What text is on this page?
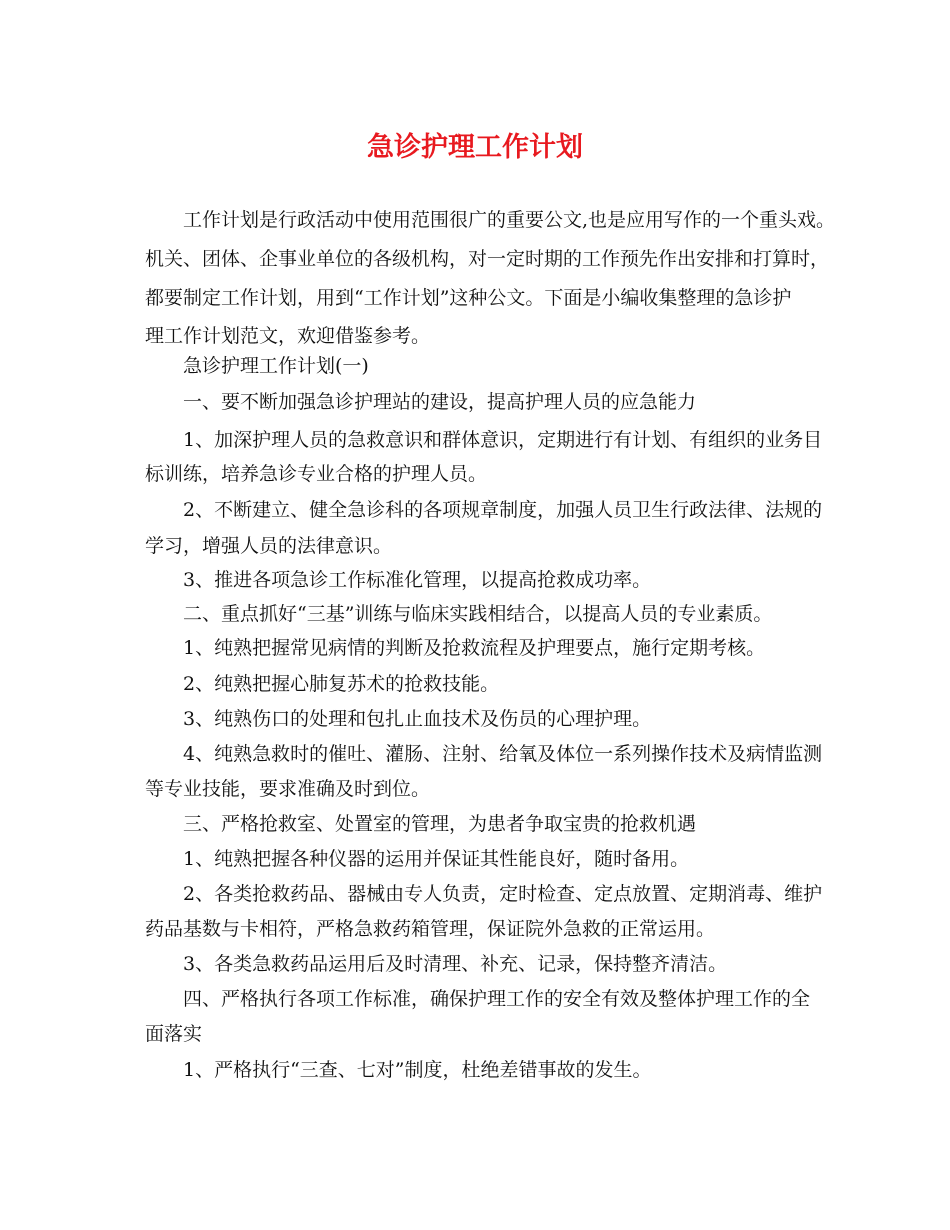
急诊护理工作计划
工作计划是行政活动中使用范围很广的重要公文,也是应用写作的一个重头戏。
机关、团体、企事业单位的各级机构，对一定时期的工作预先作出安排和打算时，
都要制定工作计划，用到“工作计划”这种公文。下面是小编收集整理的急诊护
理工作计划范文，欢迎借鉴参考。
急诊护理工作计划(一)
一、要不断加强急诊护理站的建设，提高护理人员的应急能力
1、加深护理人员的急救意识和群体意识，定期进行有计划、有组织的业务目
标训练，培养急诊专业合格的护理人员。
2、不断建立、健全急诊科的各项规章制度，加强人员卫生行政法律、法规的
学习，增强人员的法律意识。
3、推进各项急诊工作标准化管理，以提高抢救成功率。
二、重点抓好“三基”训练与临床实践相结合，以提高人员的专业素质。
1、纯熟把握常见病情的判断及抢救流程及护理要点，施行定期考核。
2、纯熟把握心肺复苏术的抢救技能。
3、纯熟伤口的处理和包扎止血技术及伤员的心理护理。
4、纯熟急救时的催吐、灌肠、注射、给氧及体位一系列操作技术及病情监测
等专业技能，要求准确及时到位。
三、严格抢救室、处置室的管理，为患者争取宝贵的抢救机遇
1、纯熟把握各种仪器的运用并保证其性能良好，随时备用。
2、各类抢救药品、器械由专人负责，定时检查、定点放置、定期消毒、维护
药品基数与卡相符，严格急救药箱管理，保证院外急救的正常运用。
3、各类急救药品运用后及时清理、补充、记录，保持整齐清洁。
四、严格执行各项工作标准，确保护理工作的安全有效及整体护理工作的全
面落实
1、严格执行“三查、七对”制度，杜绝差错事故的发生。
